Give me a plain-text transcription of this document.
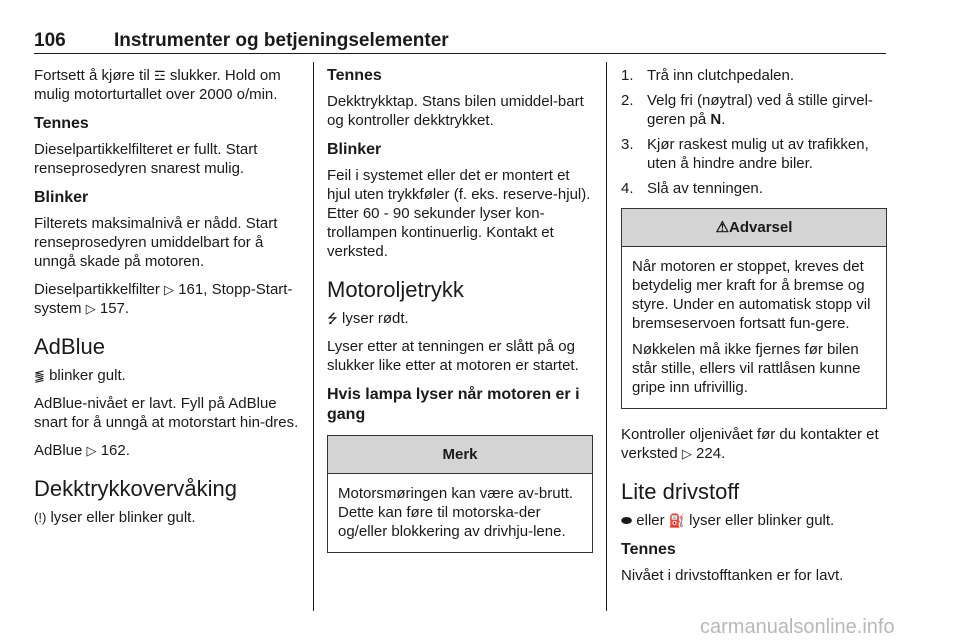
106	Instrumenter og betjeningselementer

Fortsett å kjøre til ☲ slukker. Hold om mulig motorturtallet over 2000 o/min.

Tennes

Dieselpartikkelfilteret er fullt. Start renseprosedyren snarest mulig.

Blinker

Filterets maksimalnivå er nådd. Start renseprosedyren umiddelbart for å unngå skade på motoren.

Dieselpartikkelfilter ▷ 161, Stopp-Start-system ▷ 157.

AdBlue

⪓ blinker gult.

AdBlue-nivået er lavt. Fyll på AdBlue snart for å unngå at motorstart hin-dres.

AdBlue ▷ 162.

Dekktrykkovervåking

(!) lyser eller blinker gult.

Tennes

Dekktrykktap. Stans bilen umiddel-bart og kontroller dekktrykket.

Blinker

Feil i systemet eller det er montert et hjul uten trykkføler (f. eks. reserve-hjul). Etter 60 - 90 sekunder lyser kon-trollampen kontinuerlig. Kontakt et verksted.

Motoroljetrykk

⭍ lyser rødt.

Lyser etter at tenningen er slått på og slukker like etter at motoren er startet.

Hvis lampa lyser når motoren er i gang
Merk

Motorsmøringen kan være av-brutt. Dette kan føre til motorska-der og/eller blokkering av drivhju-lene.

1. Trå inn clutchpedalen.
2. Velg fri (nøytral) ved å stille girvel-geren på N.
3. Kjør raskest mulig ut av trafikken, uten å hindre andre biler.
4. Slå av tenningen.
⚠Advarsel

Når motoren er stoppet, kreves det betydelig mer kraft for å bremse og styre. Under en automatisk stopp vil bremseservoen fortsatt fun-gere.

Nøkkelen må ikke fjernes før bilen står stille, ellers vil rattlåsen kunne gripe inn ufrivillig.

Kontroller oljenivået før du kontakter et verksted ▷ 224.

Lite drivstoff

⬬ eller ⛽ lyser eller blinker gult.

Tennes

Nivået i drivstofftanken er for lavt.

carmanualsonline.info
